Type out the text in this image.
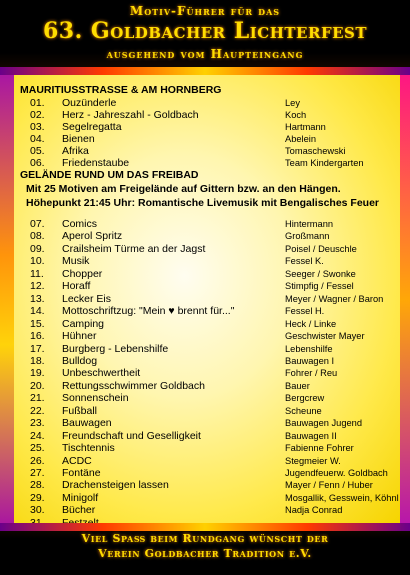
Motiv-Führer für das
63. Goldbacher Lichterfest
ausgehend vom Haupteingang
MAURITIUSSTRASSE & AM HORNBERG
GELÄNDE RUND UM DAS FREIBAD
Mit 25 Motiven am Freigelände auf Gittern bzw. an den Hängen.
Höhepunkt 21:45 Uhr: Romantische Livemusik mit Bengalisches Feuer
01. Ouzünderle	Ley
02. Herz - Jahreszahl - Goldbach	Koch
03. Segelregatta	Hartmann
04. Bienen	Abelein
05. Afrika	Tomaschewski
06. Friedenstaube	Team Kindergarten
07. Comics	Hintermann
08. Aperol Spritz	Großmann
09. Crailsheim Türme an der Jagst	Poisel / Deuschle
10. Musik	Fessel K.
11. Chopper	Seeger / Swonke
12. Horaff	Stimpfig / Fessel
13. Lecker Eis	Meyer / Wagner / Baron
14. Mottoschriftzug: "Mein ♥ brennt für..."	Fessel H.
15. Camping	Heck / Linke
16. Hühner	Geschwister Mayer
17. Burgberg - Lebenshilfe	Lebenshilfe
18. Bulldog	Bauwagen I
19. Unbeschwertheit	Fohrer / Reu
20. Rettungsschwimmer Goldbach	Bauer
21. Sonnenschein	Bergcrew
22. Fußball	Scheune
23. Bauwagen	Bauwagen Jugend
24. Freundschaft und Geselligkeit	Bauwagen II
25. Tischtennis	Fabienne Fohrer
26. ACDC	Stegmeier W.
27. Fontäne	Jugendfeuerw. Goldbach
28. Drachensteigen lassen	Mayer / Fenn / Huber
29. Minigolf	Mosgallik, Gesswein, Köhnl
30. Bücher	Nadja Conrad
Viel Spaß beim Rundgang wünscht der
Verein Goldbacher Tradition e.V.
